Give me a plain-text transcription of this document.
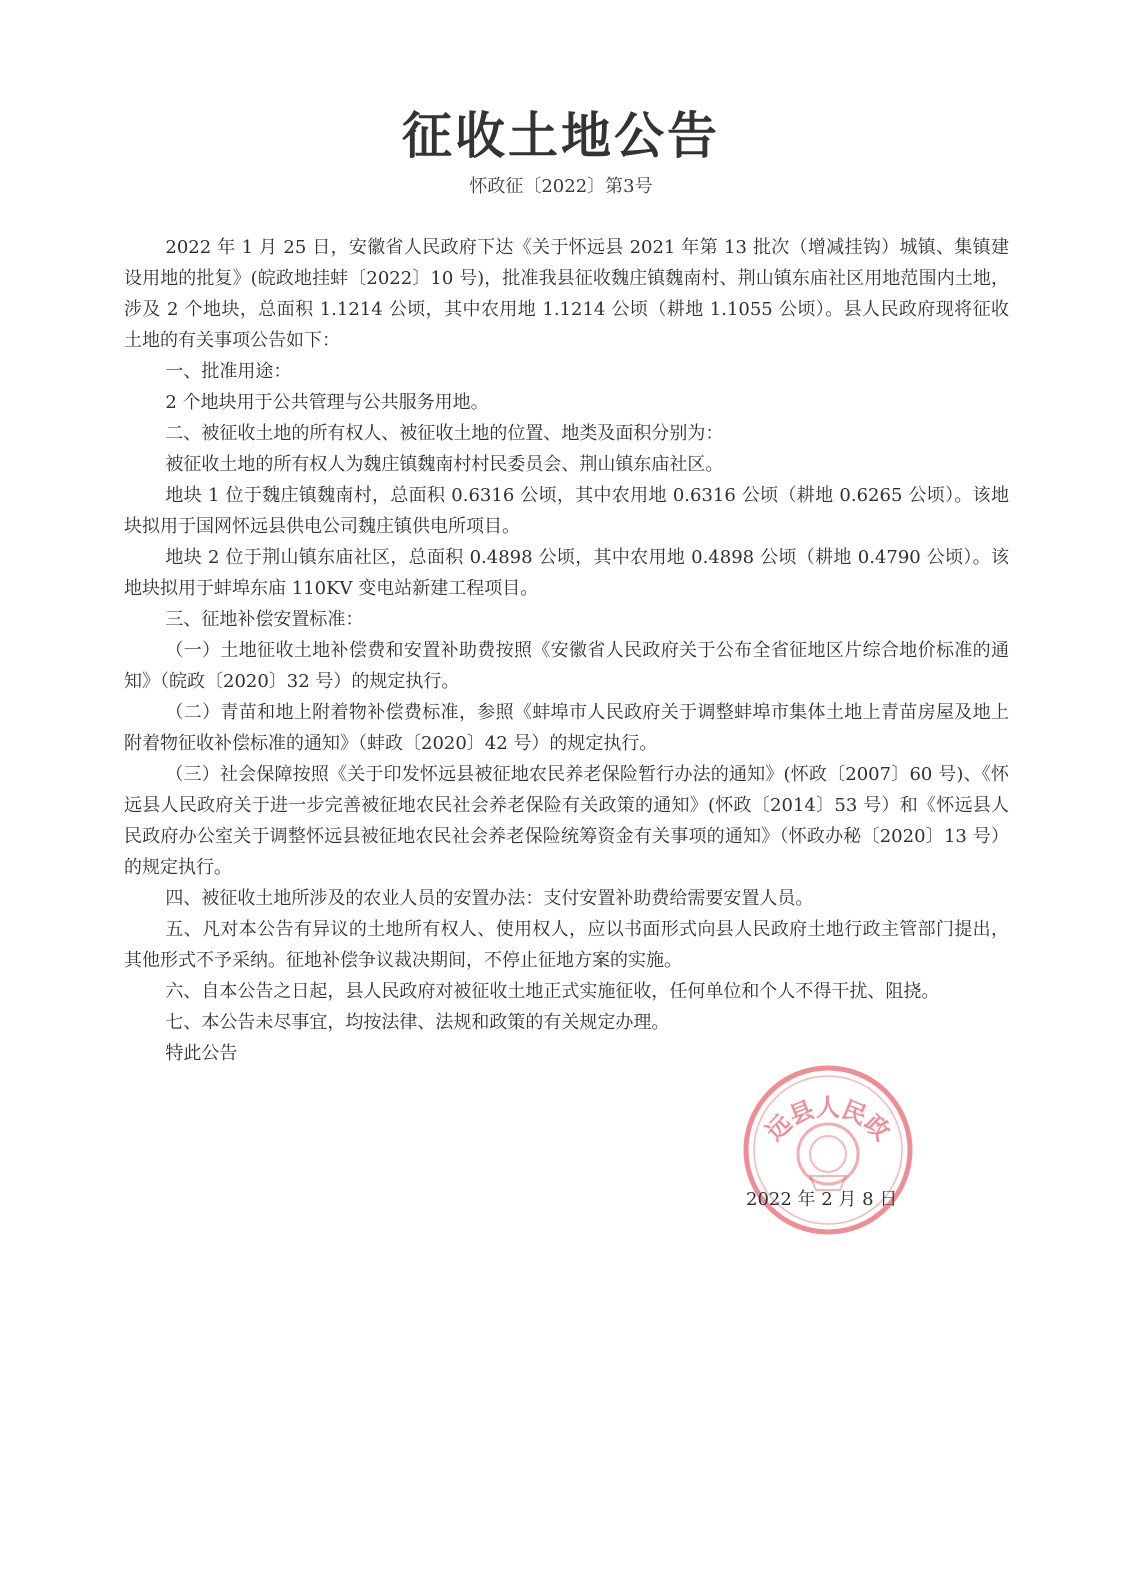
征收土地公告
怀政征〔2022〕第3号

2022 年 1 月 25 日，安徽省人民政府下达《关于怀远县 2021 年第 13 批次（增减挂钩）城镇、集镇建设用地的批复》(皖政地挂蚌〔2022〕10 号)，批准我县征收魏庄镇魏南村、荆山镇东庙社区用地范围内土地，涉及 2 个地块，总面积 1.1214 公顷，其中农用地 1.1214 公顷（耕地 1.1055 公顷）。县人民政府现将征收土地的有关事项公告如下：

一、批准用途：

2 个地块用于公共管理与公共服务用地。

二、被征收土地的所有权人、被征收土地的位置、地类及面积分别为：

被征收土地的所有权人为魏庄镇魏南村村民委员会、荆山镇东庙社区。

地块 1 位于魏庄镇魏南村，总面积 0.6316 公顷，其中农用地 0.6316 公顷（耕地 0.6265 公顷）。该地块拟用于国网怀远县供电公司魏庄镇供电所项目。

地块 2 位于荆山镇东庙社区，总面积 0.4898 公顷，其中农用地 0.4898 公顷（耕地 0.4790 公顷）。该地块拟用于蚌埠东庙 110KV 变电站新建工程项目。

三、征地补偿安置标准：

（一）土地征收土地补偿费和安置补助费按照《安徽省人民政府关于公布全省征地区片综合地价标准的通知》（皖政〔2020〕32 号）的规定执行。

（二）青苗和地上附着物补偿费标准，参照《蚌埠市人民政府关于调整蚌埠市集体土地上青苗房屋及地上附着物征收补偿标准的通知》（蚌政〔2020〕42 号）的规定执行。

（三）社会保障按照《关于印发怀远县被征地农民养老保险暂行办法的通知》(怀政〔2007〕60 号)、《怀远县人民政府关于进一步完善被征地农民社会养老保险有关政策的通知》(怀政〔2014〕53 号）和《怀远县人民政府办公室关于调整怀远县被征地农民社会养老保险统筹资金有关事项的通知》（怀政办秘〔2020〕13 号）的规定执行。

四、被征收土地所涉及的农业人员的安置办法：支付安置补助费给需要安置人员。

五、凡对本公告有异议的土地所有权人、使用权人，应以书面形式向县人民政府土地行政主管部门提出，其他形式不予采纳。征地补偿争议裁决期间，不停止征地方案的实施。

六、自本公告之日起，县人民政府对被征收土地正式实施征收，任何单位和个人不得干扰、阻挠。

七、本公告未尽事宜，均按法律、法规和政策的有关规定办理。

特此公告

远县人民政
2022 年 2 月 8 日
